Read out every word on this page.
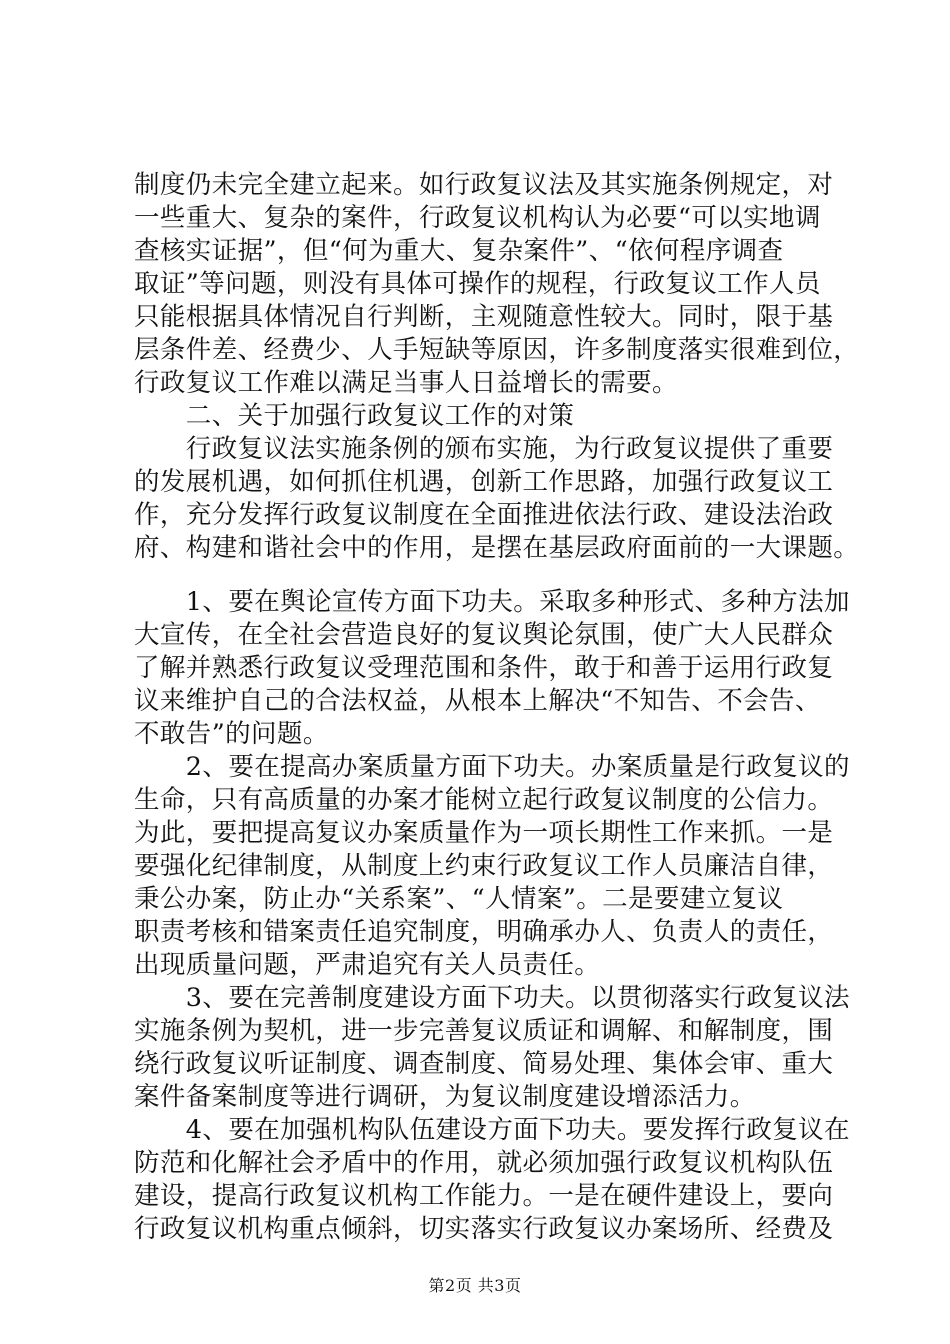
制度仍未完全建立起来。如行政复议法及其实施条例规定，对
一些重大、复杂的案件，行政复议机构认为必要“可以实地调
查核实证据”，但“何为重大、复杂案件”、“依何程序调查
取证”等问题，则没有具体可操作的规程，行政复议工作人员
只能根据具体情况自行判断，主观随意性较大。同时，限于基
层条件差、经费少、人手短缺等原因，许多制度落实很难到位，
行政复议工作难以满足当事人日益增长的需要。
　　二、关于加强行政复议工作的对策
　　行政复议法实施条例的颁布实施，为行政复议提供了重要
的发展机遇，如何抓住机遇，创新工作思路，加强行政复议工
作，充分发挥行政复议制度在全面推进依法行政、建设法治政
府、构建和谐社会中的作用，是摆在基层政府面前的一大课题。
　　1、要在舆论宣传方面下功夫。采取多种形式、多种方法加
大宣传，在全社会营造良好的复议舆论氛围，使广大人民群众
了解并熟悉行政复议受理范围和条件，敢于和善于运用行政复
议来维护自己的合法权益，从根本上解决“不知告、不会告、
不敢告”的问题。
　　2、要在提高办案质量方面下功夫。办案质量是行政复议的
生命，只有高质量的办案才能树立起行政复议制度的公信力。
为此，要把提高复议办案质量作为一项长期性工作来抓。一是
要强化纪律制度，从制度上约束行政复议工作人员廉洁自律，
秉公办案，防止办“关系案”、“人情案”。二是要建立复议
职责考核和错案责任追究制度，明确承办人、负责人的责任，
出现质量问题，严肃追究有关人员责任。
　　3、要在完善制度建设方面下功夫。以贯彻落实行政复议法
实施条例为契机，进一步完善复议质证和调解、和解制度，围
绕行政复议听证制度、调查制度、简易处理、集体会审、重大
案件备案制度等进行调研，为复议制度建设增添活力。
　　4、要在加强机构队伍建设方面下功夫。要发挥行政复议在
防范和化解社会矛盾中的作用，就必须加强行政复议机构队伍
建设，提高行政复议机构工作能力。一是在硬件建设上，要向
行政复议机构重点倾斜，切实落实行政复议办案场所、经费及
第2页 共3页
